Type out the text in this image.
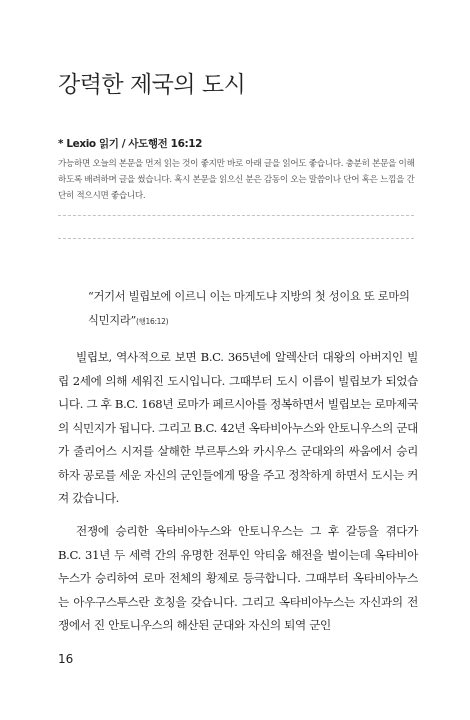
강력한 제국의 도시

* Lexio 읽기 / 사도행전 16:12

가능하면 오늘의 본문을 먼저 읽는 것이 좋지만 바로 아래 글을 읽어도 좋습니다. 충분히 본문을 이해하도록 배려하며 글을 썼습니다. 혹시 본문을 읽으신 분은 감동이 오는 말씀이나 단어 혹은 느낌을 간단히 적으시면 좋습니다.

“거기서 빌립보에 이르니 이는 마게도냐 지방의 첫 성이요 또 로마의 식민지라”(행16:12)

빌립보, 역사적으로 보면 B.C. 365년에 알렉산더 대왕의 아버지인 빌립 2세에 의해 세워진 도시입니다. 그때부터 도시 이름이 빌립보가 되었습니다. 그 후 B.C. 168년 로마가 페르시아를 정복하면서 빌립보는 로마제국의 식민지가 됩니다. 그리고 B.C. 42년 옥타비아누스와 안토니우스의 군대가 줄리어스 시저를 살해한 부르투스와 카시우스 군대와의 싸움에서 승리하자 공로를 세운 자신의 군인들에게 땅을 주고 정착하게 하면서 도시는 커져 갔습니다.

전쟁에 승리한 옥타비아누스와 안토니우스는 그 후 갈등을 겪다가 B.C. 31년 두 세력 간의 유명한 전투인 악티움 해전을 벌이는데 옥타비아누스가 승리하여 로마 전체의 황제로 등극합니다. 그때부터 옥타비아누스는 아우구스투스란 호칭을 갖습니다. 그리고 옥타비아누스는 자신과의 전쟁에서 진 안토니우스의 해산된 군대와 자신의 퇴역 군인

16
